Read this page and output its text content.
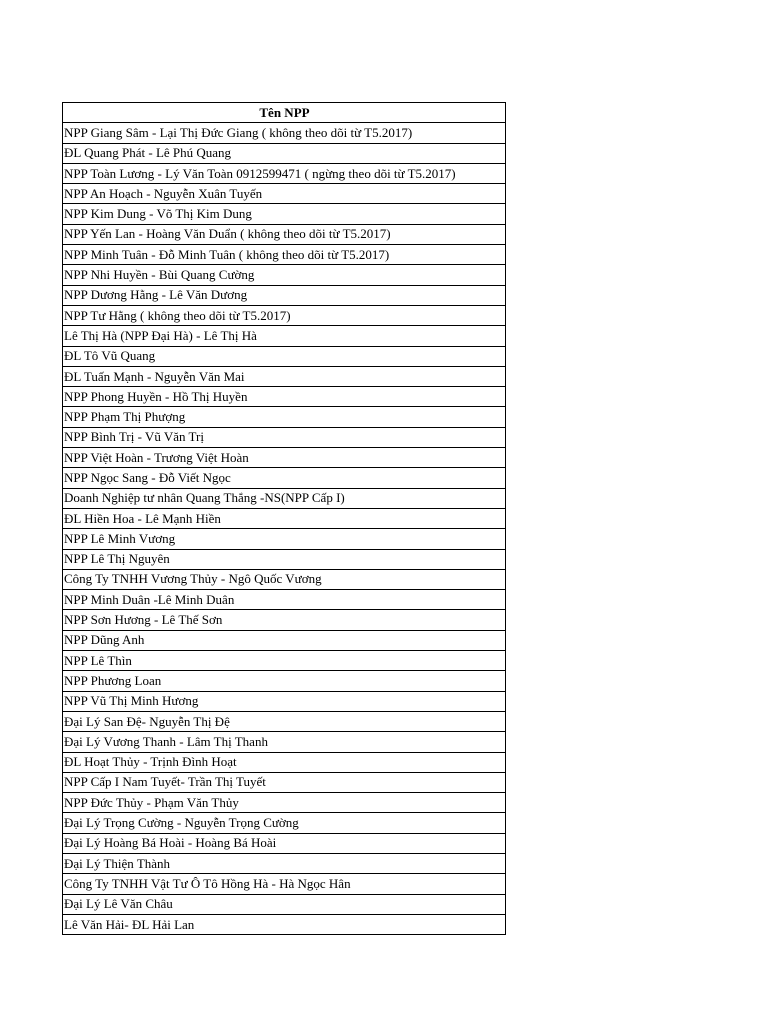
Tên NPP
NPP Giang Sâm - Lại Thị Đức Giang ( không theo dõi từ T5.2017)
ĐL Quang Phát - Lê Phú Quang
NPP Toàn Lương - Lý Văn Toàn 0912599471 ( ngừng theo dõi từ T5.2017)
NPP An Hoạch - Nguyễn Xuân Tuyến
NPP Kim Dung - Võ Thị Kim Dung
NPP Yến Lan - Hoàng Văn Duẩn ( không theo dõi từ T5.2017)
NPP Minh Tuân - Đỗ Minh Tuân ( không theo dõi từ T5.2017)
NPP Nhi Huyền - Bùi Quang Cường
NPP Dương Hằng - Lê Văn Dương
NPP Tư Hằng ( không theo dõi từ T5.2017)
Lê Thị Hà (NPP Đại Hà) - Lê Thị Hà
ĐL Tô Vũ Quang
ĐL Tuấn Mạnh - Nguyễn Văn Mai
NPP Phong Huyền - Hồ Thị Huyền
NPP Phạm Thị Phượng
NPP Bình Trị - Vũ Văn Trị
NPP Việt Hoàn - Trương Việt Hoàn
NPP Ngọc Sang - Đỗ Viết Ngọc
Doanh Nghiệp tư nhân Quang Thắng -NS(NPP Cấp I)
ĐL Hiền Hoa - Lê Mạnh Hiền
NPP Lê Minh Vương
NPP Lê Thị Nguyên
Công Ty TNHH Vương Thủy - Ngô Quốc Vương
NPP Minh Duân -Lê Minh Duân
NPP Sơn Hương - Lê Thế Sơn
NPP Dũng Anh
NPP Lê Thìn
NPP Phương Loan
NPP Vũ Thị Minh Hương
Đại Lý San Đệ- Nguyễn Thị Đệ
Đại Lý Vương Thanh - Lâm Thị Thanh
ĐL Hoạt Thủy - Trịnh Đình Hoạt
NPP Cấp I Nam Tuyết- Trần Thị Tuyết
NPP Đức Thủy - Phạm Văn Thủy
Đại Lý Trọng Cường - Nguyễn Trọng Cường
Đại Lý Hoàng Bá Hoài - Hoàng Bá Hoài
Đại Lý Thiện Thành
Công Ty TNHH Vật Tư Ô Tô Hồng Hà - Hà Ngọc Hân
Đại Lý Lê Văn Châu
Lê Văn Hải- ĐL Hải Lan
